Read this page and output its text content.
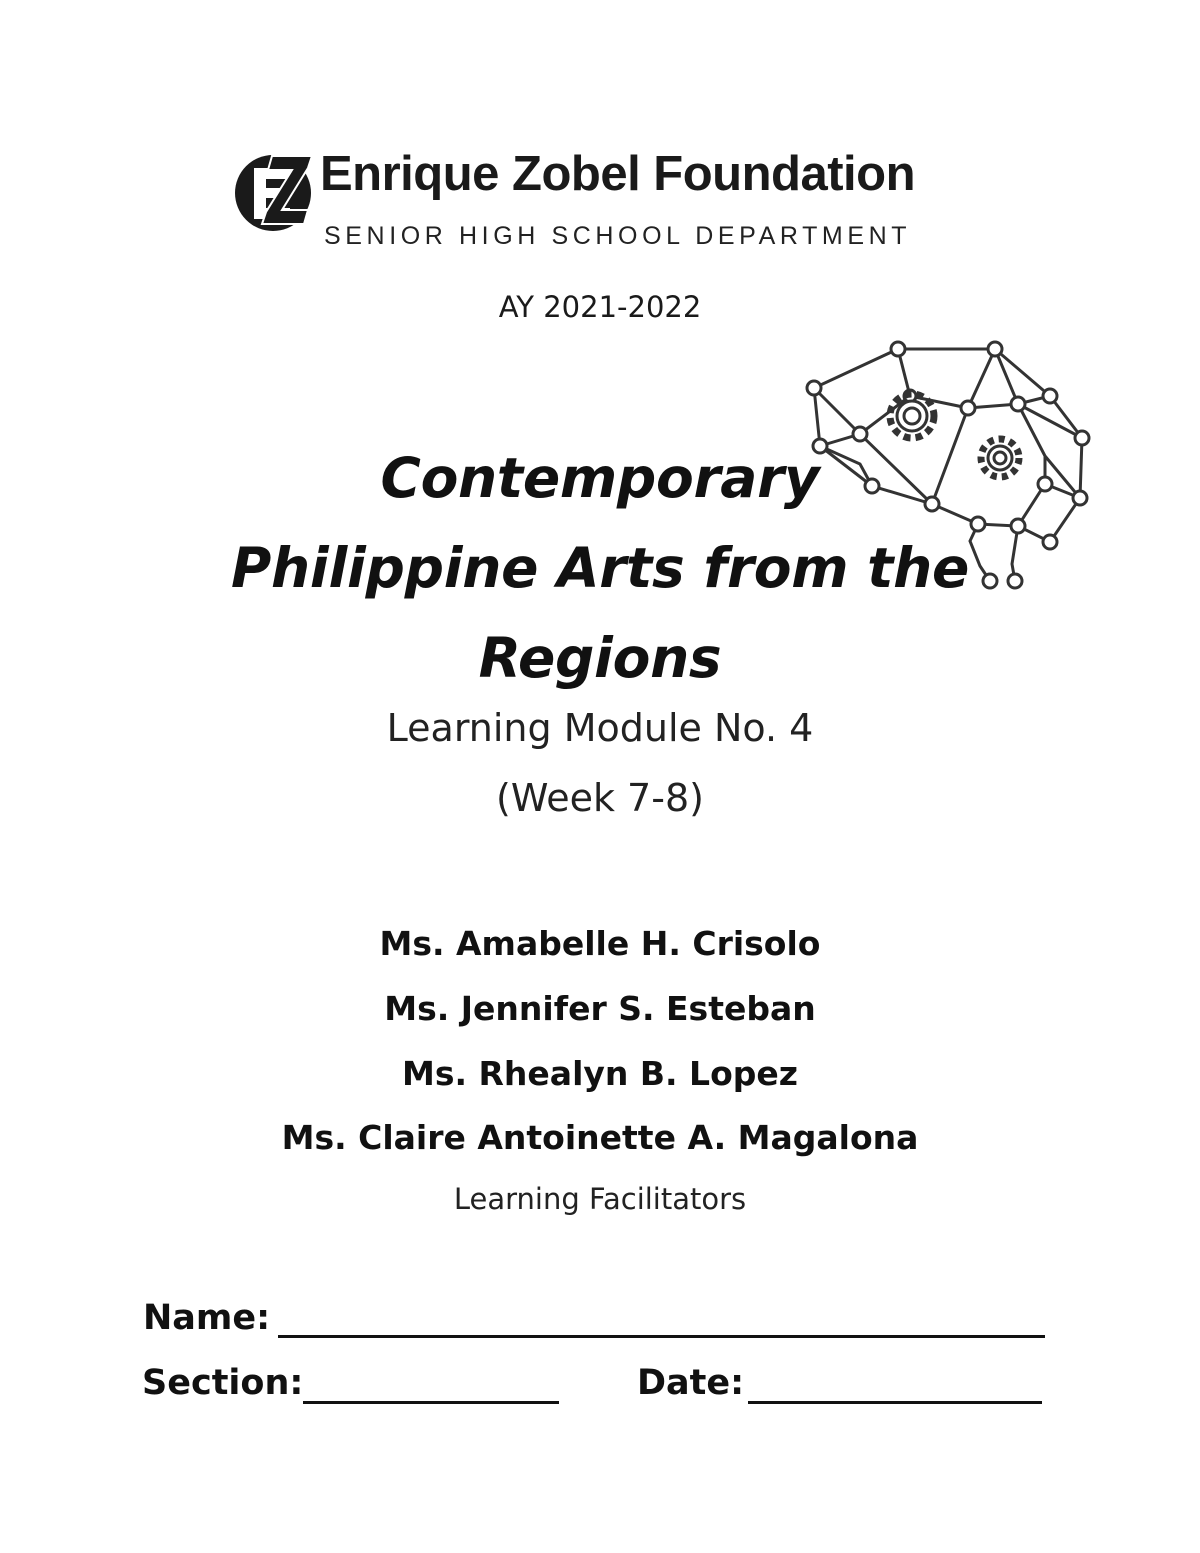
Enrique Zobel Foundation
SENIOR HIGH SCHOOL DEPARTMENT
AY 2021-2022
Contemporary
Philippine Arts from the
Regions
Learning Module No. 4
(Week 7-8)
Ms. Amabelle H. Crisolo
Ms. Jennifer S. Esteban
Ms. Rhealyn B. Lopez
Ms. Claire Antoinette A. Magalona
Learning Facilitators
Name:
Section:	Date:
